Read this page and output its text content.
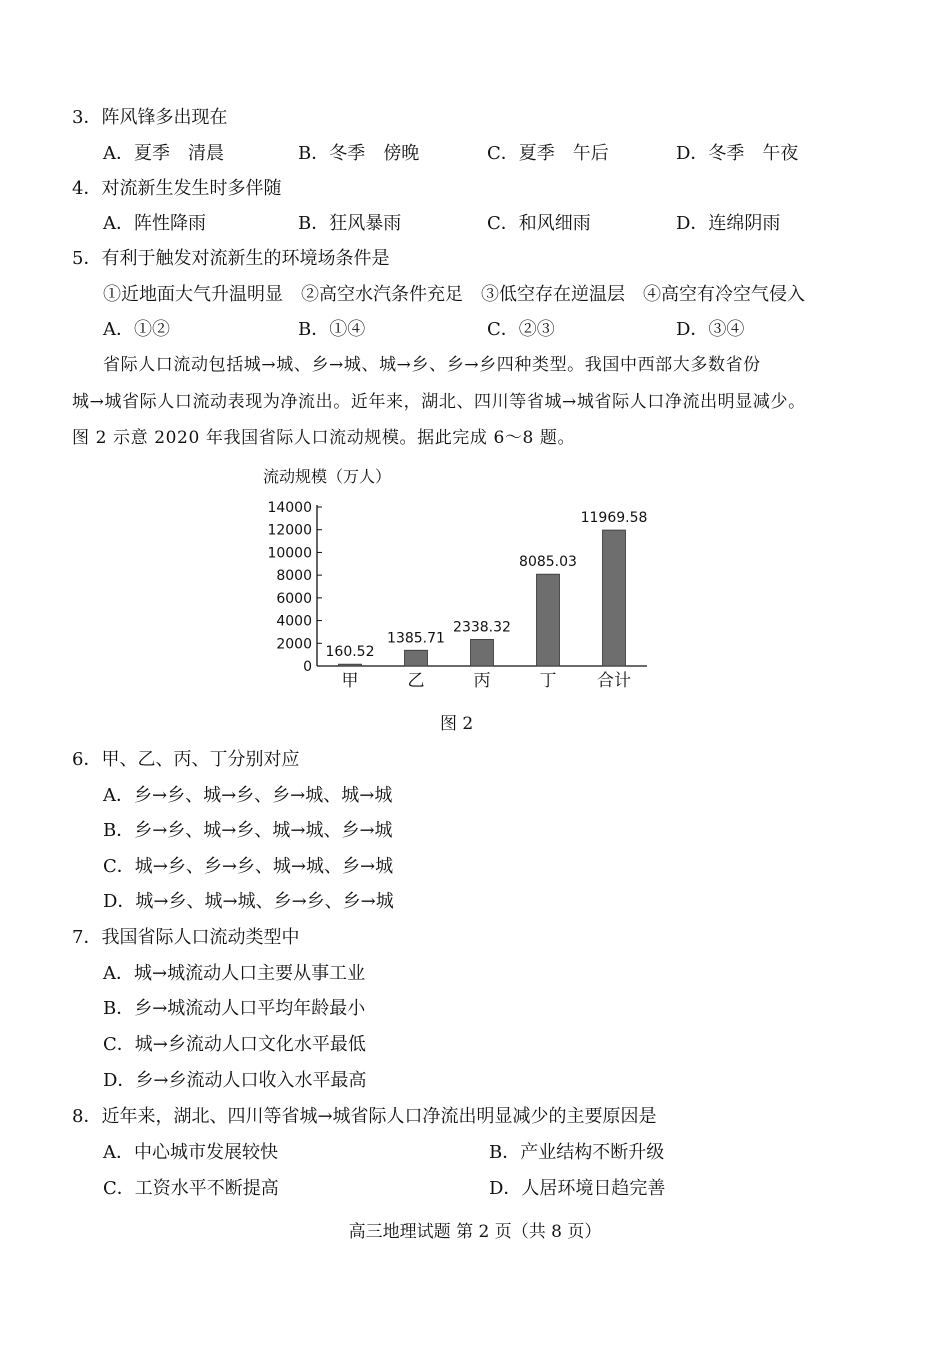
3．阵风锋多出现在
A．夏季　清晨	B．冬季　傍晚	C．夏季　午后	D．冬季　午夜
4．对流新生发生时多伴随
A．阵性降雨	B．狂风暴雨	C．和风细雨	D．连绵阴雨
5．有利于触发对流新生的环境场条件是
①近地面大气升温明显　②高空水汽条件充足　③低空存在逆温层　④高空有冷空气侵入
A．①②	B．①④	C．②③	D．③④
省际人口流动包括城→城、乡→城、城→乡、乡→乡四种类型。我国中西部大多数省份
城→城省际人口流动表现为净流出。近年来，湖北、四川等省城→城省际人口净流出明显减少。
图 2 示意 2020 年我国省际人口流动规模。据此完成 6～8 题。
流动规模（万人）
0
2000
4000
6000
8000
10000
12000
14000
160.52
甲
1385.71
乙
2338.32
丙
8085.03
丁
11969.58
合计
图 2
6．甲、乙、丙、丁分别对应
A．乡→乡、城→乡、乡→城、城→城
B．乡→乡、城→乡、城→城、乡→城
C．城→乡、乡→乡、城→城、乡→城
D．城→乡、城→城、乡→乡、乡→城
7．我国省际人口流动类型中
A．城→城流动人口主要从事工业
B．乡→城流动人口平均年龄最小
C．城→乡流动人口文化水平最低
D．乡→乡流动人口收入水平最高
8．近年来，湖北、四川等省城→城省际人口净流出明显减少的主要原因是
A．中心城市发展较快	B．产业结构不断升级
C．工资水平不断提高	D．人居环境日趋完善
高三地理试题 第 2 页（共 8 页）
